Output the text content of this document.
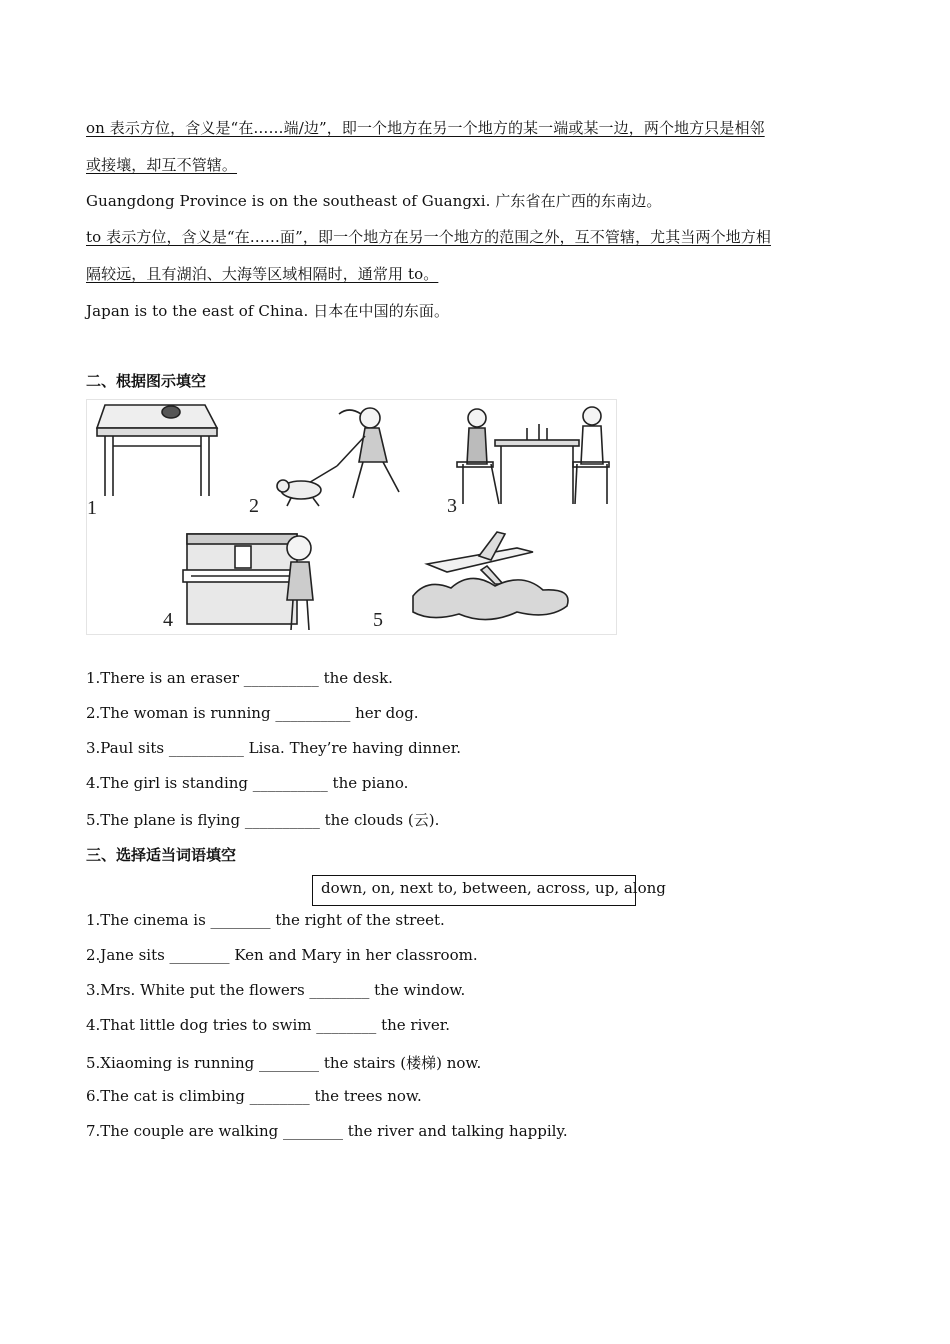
on 表示方位，含义是“在……端/边”，即一个地方在另一个地方的某一端或某一边，两个地方只是相邻
或接壤，却互不管辖。
Guangdong Province is on the southeast of Guangxi. 广东省在广西的东南边。
to 表示方位，含义是“在……面”，即一个地方在另一个地方的范围之外，互不管辖，尤其当两个地方相
隔较远，且有湖泊、大海等区域相隔时，通常用 to。
Japan is to the east of China. 日本在中国的东面。
二、根据图示填空
1	2	3
4	5
1.There is an eraser __________ the desk.
2.The woman is running __________ her dog.
3.Paul sits __________ Lisa. They’re having dinner.
4.The girl is standing __________ the piano.
5.The plane is flying __________ the clouds (云).
三、选择适当词语填空
down, on, next to, between, across, up, along
1.The cinema is ________ the right of the street.
2.Jane sits ________ Ken and Mary in her classroom.
3.Mrs. White put the flowers ________ the window.
4.That little dog tries to swim ________ the river.
5.Xiaoming is running ________ the stairs (楼梯) now.
6.The cat is climbing ________ the trees now.
7.The couple are walking ________ the river and talking happily.
